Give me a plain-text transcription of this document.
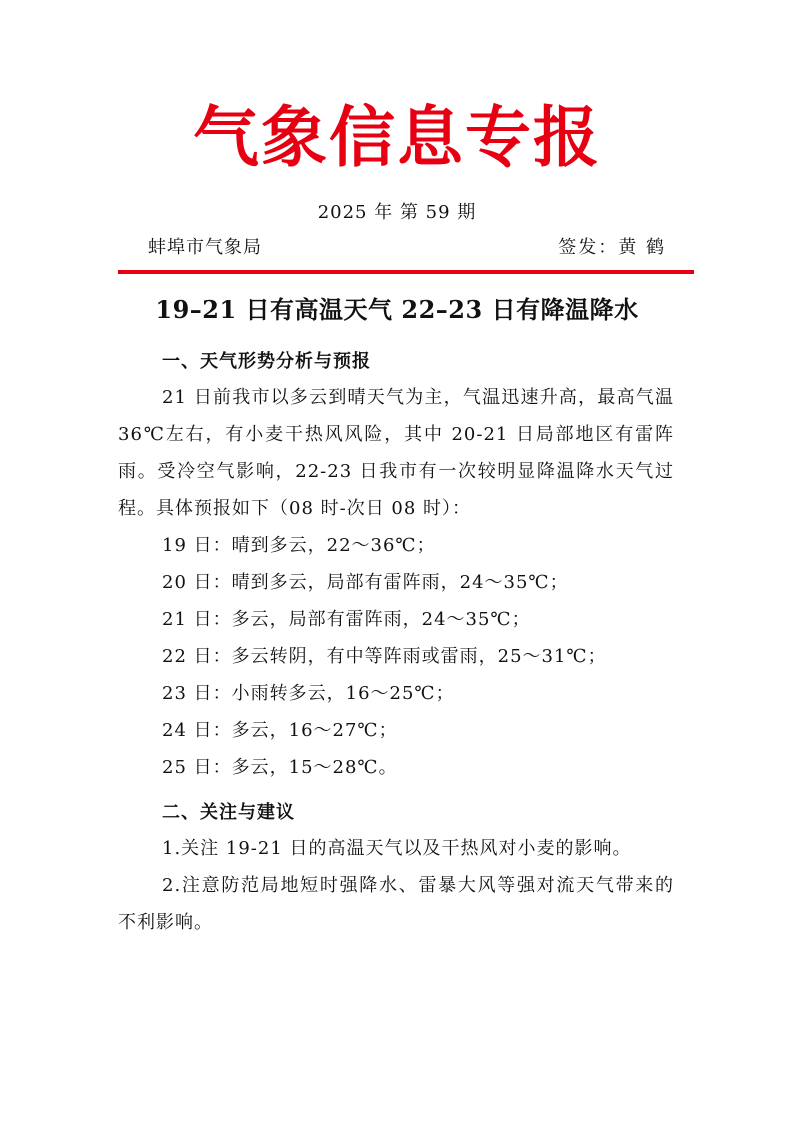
气象信息专报
2025 年 第 59 期
蚌埠市气象局	签发：黄 鹤
19–21 日有高温天气 22–23 日有降温降水
一、天气形势分析与预报

21 日前我市以多云到晴天气为主，气温迅速升高，最高气温 36℃左右，有小麦干热风风险，其中 20-21 日局部地区有雷阵雨。受冷空气影响，22-23 日我市有一次较明显降温降水天气过程。具体预报如下（08 时-次日 08 时）：

19 日：晴到多云，22～36℃；
20 日：晴到多云，局部有雷阵雨，24～35℃；
21 日：多云，局部有雷阵雨，24～35℃；
22 日：多云转阴，有中等阵雨或雷雨，25～31℃；
23 日：小雨转多云，16～25℃；
24 日：多云，16～27℃；
25 日：多云，15～28℃。
二、关注与建议

1.关注 19-21 日的高温天气以及干热风对小麦的影响。

2.注意防范局地短时强降水、雷暴大风等强对流天气带来的不利影响。
